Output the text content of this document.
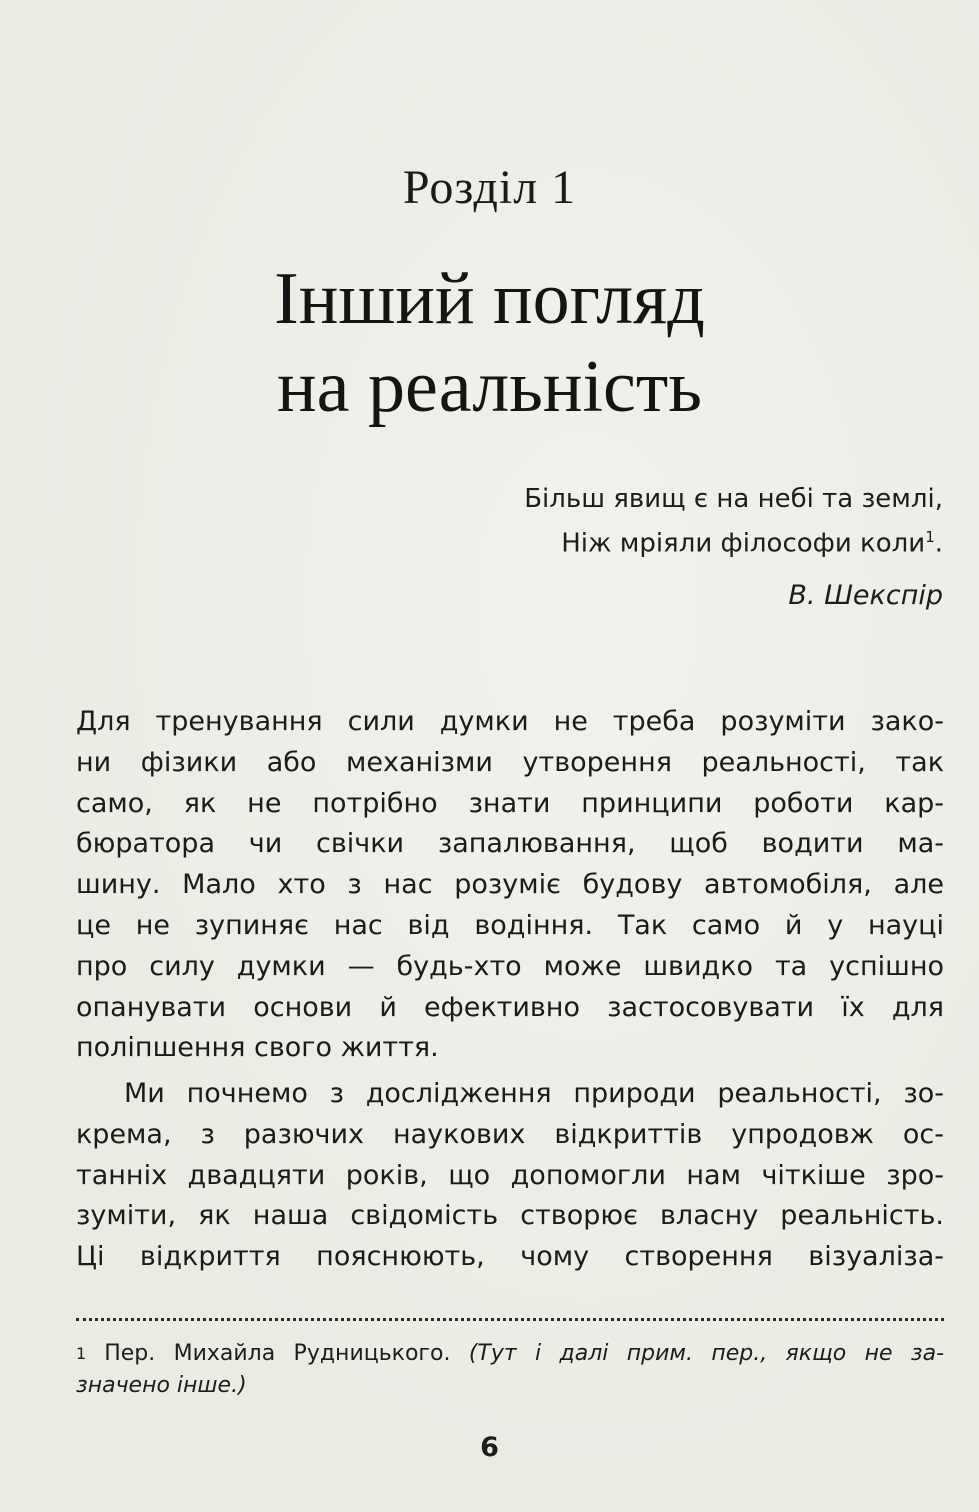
Розділ 1
Інший погляд
на реальність
Більш явищ є на небі та землі,
Ніж мріяли філософи коли$^1$.
В. Шекспір
Для тренування сили думки не треба розуміти зако-
ни фізики або механізми утворення реальності, так
само, як не потрібно знати принципи роботи кар-
бюратора чи свічки запалювання, щоб водити ма-
шину. Мало хто з нас розуміє будову автомобіля, але
це не зупиняє нас від водіння. Так само й у науці
про силу думки — будь-хто може швидко та успішно
опанувати основи й ефективно застосовувати їх для
поліпшення свого життя.
Ми почнемо з дослідження природи реальності, зо-
крема, з разючих наукових відкриттів упродовж ос-
танніх двадцяти років, що допомогли нам чіткіше зро-
зуміти, як наша свідомість створює власну реальність.
Ці відкриття пояснюють, чому створення візуаліза-
$^1$ Пер. Михайла Рудницького. (Тут і далі прим. пер., якщо не за-
значено інше.)
6
